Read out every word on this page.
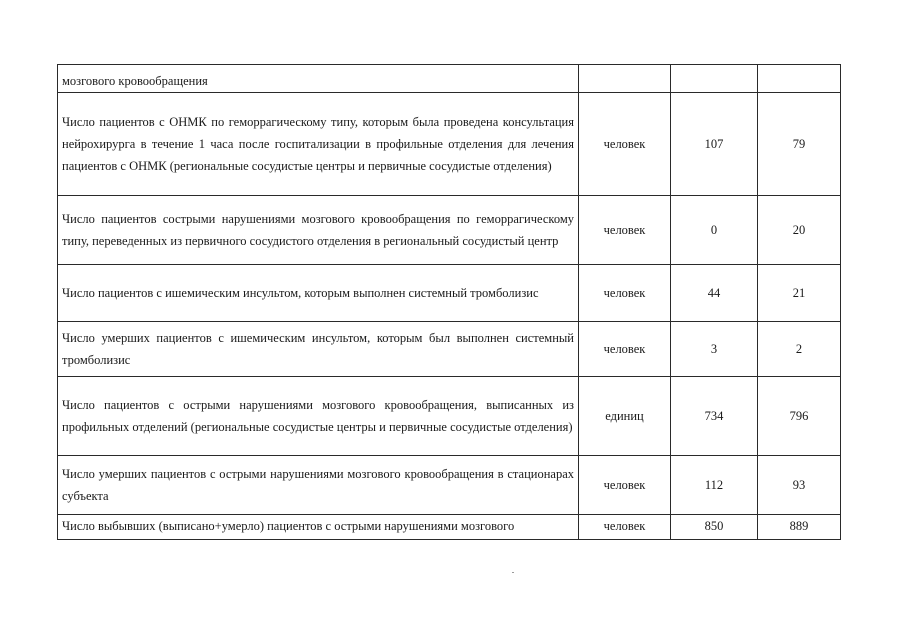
мозгового кровообращения			
Число пациентов с ОНМК по геморрагическому типу, которым была проведена консультация нейрохирурга в течение 1 часа после госпитализации в профильные отделения для лечения пациентов с ОНМК (региональные сосудистые центры и первичные сосудистые отделения)	человек	107	79
Число пациентов сострыми нарушениями мозгового кровообращения по геморрагическому типу, переведенных из первичного сосудистого отделения в региональный сосудистый центр	человек	0	20
Число пациентов с ишемическим инсультом, которым выполнен системный тромболизис	человек	44	21
Число умерших пациентов с ишемическим инсультом, которым был выполнен системный тромболизис	человек	3	2
Число пациентов с острыми нарушениями мозгового кровообращения, выписанных из профильных отделений (региональные сосудистые центры и первичные сосудистые отделения)	единиц	734	796
Число умерших пациентов с острыми нарушениями мозгового кровообращения в стационарах субъекта	человек	112	93
Число выбывших (выписано+умерло) пациентов с острыми нарушениями мозгового	человек	850	889
